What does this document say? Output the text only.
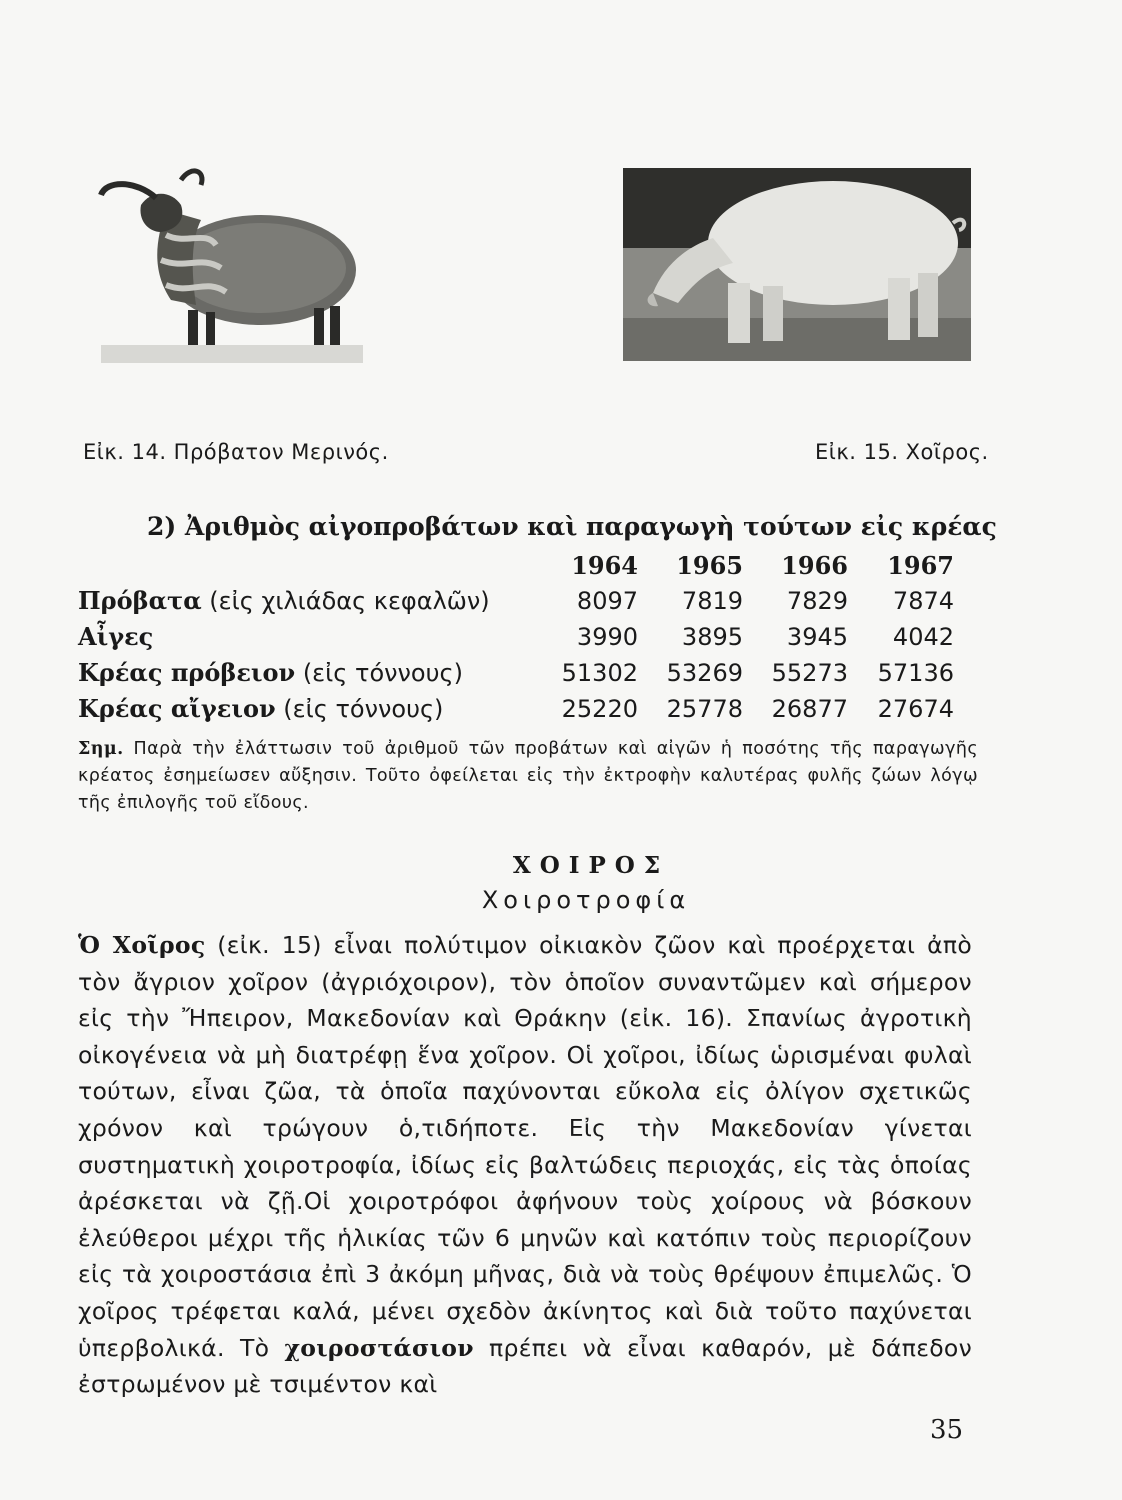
Εἰκ. 14. Πρόβατον Μερινός.	Εἰκ. 15. Χοῖρος.
2) Ἀριθμὸς αἰγοπροβάτων καὶ παραγωγὴ τούτων εἰς κρέας
	1964	1965	1966	1967
Πρόβατα (εἰς χιλιάδας κεφαλῶν)	8097	7819	7829	7874
Αἶγες	3990	3895	3945	4042
Κρέας πρόβειον (εἰς τόννους)	51302	53269	55273	57136
Κρέας αἴγειον (εἰς τόννους)	25220	25778	26877	27674
Σημ. Παρὰ τὴν ἐλάττωσιν τοῦ ἀριθμοῦ τῶν προβάτων καὶ αἰγῶν ἡ ποσότης τῆς παραγωγῆς κρέατος ἐσημείωσεν αὔξησιν. Τοῦτο ὀφείλεται εἰς τὴν ἐκτροφὴν καλυτέρας φυλῆς ζώων λόγῳ τῆς ἐπιλογῆς τοῦ εἴδους.
ΧΟΙΡΟΣ
Χοιροτροφία

Ὁ Χοῖρος (εἰκ. 15) εἶναι πολύτιμον οἰκιακὸν ζῶον καὶ προέρχεται ἀπὸ τὸν ἄγριον χοῖρον (ἀγριόχοιρον), τὸν ὁποῖον συναντῶμεν καὶ σήμερον εἰς τὴν Ἤπειρον, Μακεδονίαν καὶ Θράκην (εἰκ. 16). Σπανίως ἀγροτικὴ οἰκογένεια νὰ μὴ διατρέφῃ ἕνα χοῖρον. Οἱ χοῖροι, ἰδίως ὡρισμέναι φυλαὶ τούτων, εἶναι ζῶα, τὰ ὁποῖα παχύνονται εὔκολα εἰς ὀλίγον σχετικῶς χρόνον καὶ τρώγουν ὁ,τιδήποτε. Εἰς τὴν Μακεδονίαν γίνεται συστηματικὴ χοιροτροφία, ἰδίως εἰς βαλτώδεις περιοχάς, εἰς τὰς ὁποίας ἀρέσκεται νὰ ζῇ.Οἱ χοιροτρόφοι ἀφήνουν τοὺς χοίρους νὰ βόσκουν ἐλεύθεροι μέχρι τῆς ἡλικίας τῶν 6 μηνῶν καὶ κατόπιν τοὺς περιορίζουν εἰς τὰ χοιροστάσια ἐπὶ 3 ἀκόμη μῆνας, διὰ νὰ τοὺς θρέψουν ἐπιμελῶς. Ὁ χοῖρος τρέφεται καλά, μένει σχεδὸν ἀκίνητος καὶ διὰ τοῦτο παχύνεται ὑπερβολικά. Τὸ χοιροστάσιον πρέπει νὰ εἶναι καθαρόν, μὲ δάπεδον ἐστρωμένον μὲ τσιμέντον καὶ

35
